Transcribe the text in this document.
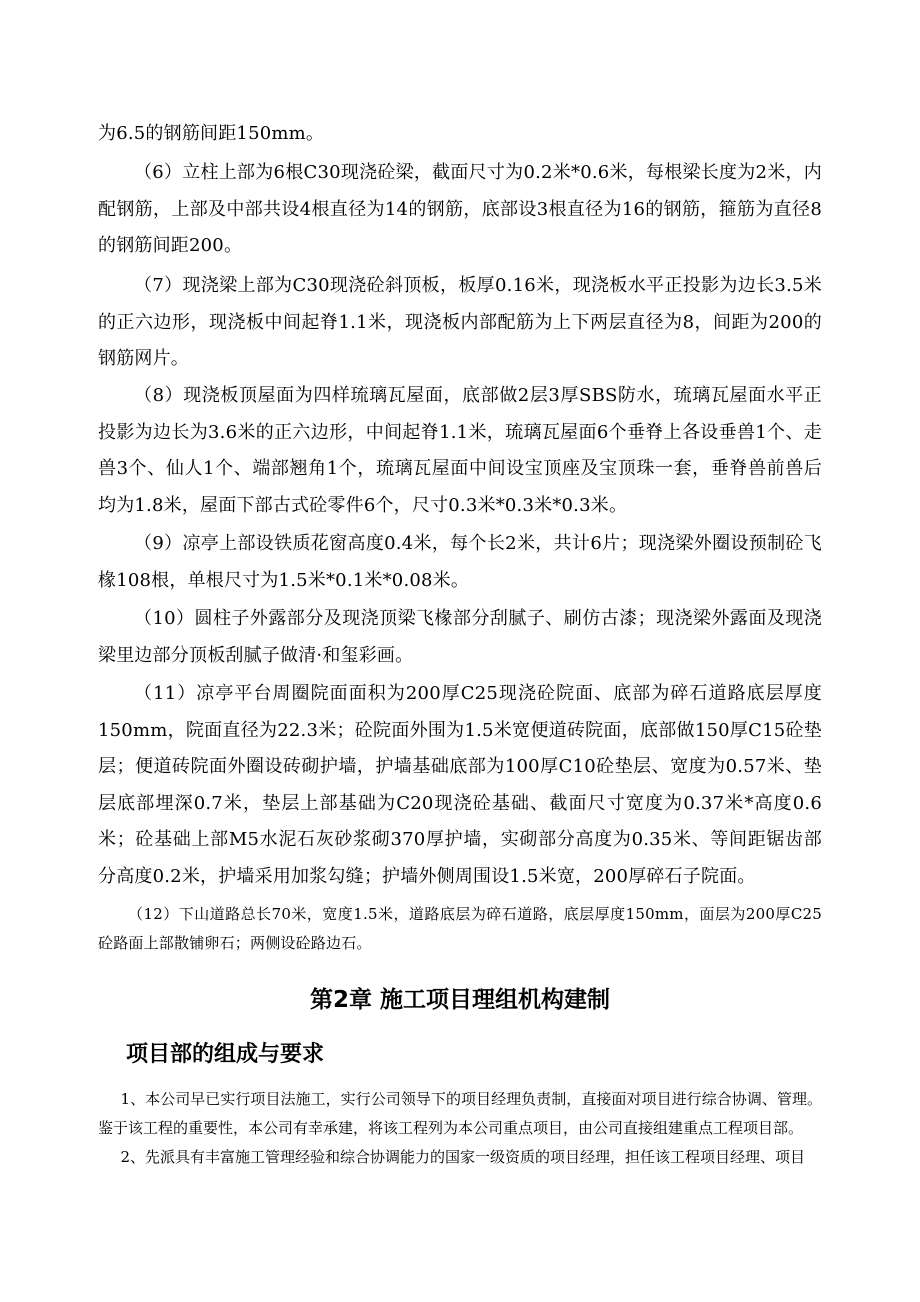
为6.5的钢筋间距150mm。

（6）立柱上部为6根C30现浇砼梁，截面尺寸为0.2米*0.6米，每根梁长度为2米，内配钢筋，上部及中部共设4根直径为14的钢筋，底部设3根直径为16的钢筋，箍筋为直径8的钢筋间距200。

（7）现浇梁上部为C30现浇砼斜顶板，板厚0.16米，现浇板水平正投影为边长3.5米的正六边形，现浇板中间起脊1.1米，现浇板内部配筋为上下两层直径为8，间距为200的钢筋网片。

（8）现浇板顶屋面为四样琉璃瓦屋面，底部做2层3厚SBS防水，琉璃瓦屋面水平正投影为边长为3.6米的正六边形，中间起脊1.1米，琉璃瓦屋面6个垂脊上各设垂兽1个、走兽3个、仙人1个、端部翘角1个，琉璃瓦屋面中间设宝顶座及宝顶珠一套，垂脊兽前兽后均为1.8米，屋面下部古式砼零件6个，尺寸0.3米*0.3米*0.3米。

（9）凉亭上部设铁质花窗高度0.4米，每个长2米，共计6片；现浇梁外圈设预制砼飞椽108根，单根尺寸为1.5米*0.1米*0.08米。

（10）圆柱子外露部分及现浇顶梁飞椽部分刮腻子、刷仿古漆；现浇梁外露面及现浇梁里边部分顶板刮腻子做清·和玺彩画。

（11）凉亭平台周圈院面面积为200厚C25现浇砼院面、底部为碎石道路底层厚度150mm，院面直径为22.3米；砼院面外围为1.5米宽便道砖院面，底部做150厚C15砼垫层；便道砖院面外圈设砖砌护墙，护墙基础底部为100厚C10砼垫层、宽度为0.57米、垫层底部埋深0.7米，垫层上部基础为C20现浇砼基础、截面尺寸宽度为0.37米*高度0.6米；砼基础上部M5水泥石灰砂浆砌370厚护墙，实砌部分高度为0.35米、等间距锯齿部分高度0.2米，护墙采用加浆勾缝；护墙外侧周围设1.5米宽，200厚碎石子院面。

（12）下山道路总长70米，宽度1.5米，道路底层为碎石道路，底层厚度150mm，面层为200厚C25砼路面上部散铺卵石；两侧设砼路边石。

第2章 施工项目理组机构建制
项目部的组成与要求

1、本公司早已实行项目法施工，实行公司领导下的项目经理负责制，直接面对项目进行综合协调、管理。鉴于该工程的重要性，本公司有幸承建，将该工程列为本公司重点项目，由公司直接组建重点工程项目部。

2、先派具有丰富施工管理经验和综合协调能力的国家一级资质的项目经理，担任该工程项目经理、项目
